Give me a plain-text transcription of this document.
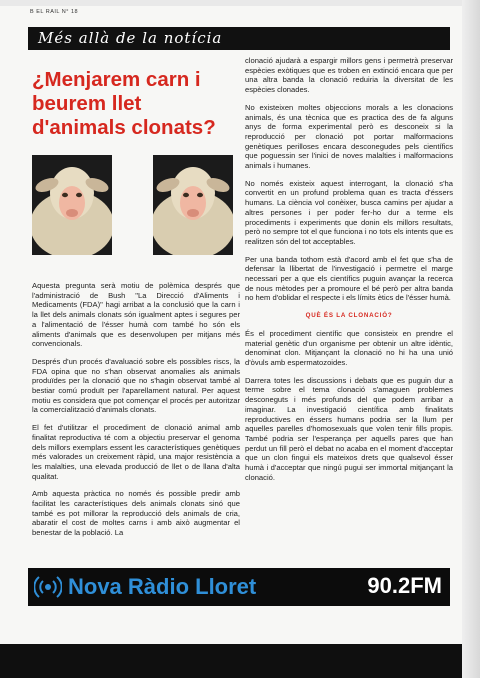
B EL RAIL N° 18
Més allà de la notícia
¿Menjarem carn i beurem llet d'animals clonats?

Aquesta pregunta serà motiu de polèmica després que l'administració de Bush "La Direcció d'Aliments i Medicaments (FDA)" hagi arribat a la conclusió que la carn i la llet dels animals clonats són igualment aptes i segures per a l'alimentació de l'ésser humà com també ho són els aliments d'animals que es desenvolupen per mitjans més convencionals.

Després d'un procés d'avaluació sobre els possibles riscs, la FDA opina que no s'han observat anomalies als animals produïdes per la clonació que no s'hagin observat també al bestiar comú produït per l'aparellament natural. Per aquest motiu es considera que pot començar el procés per autoritzar la comercialització d'animals clonats.

El fet d'utilitzar el procediment de clonació animal amb finalitat reproductiva té com a objectiu preservar el genoma dels millors exemplars essent les característiques genètiques més valorades un creixement ràpid, una major resistència a les malalties, una elevada producció de llet o de llana d'alta qualitat.

Amb aquesta pràctica no només és possible predir amb facilitat les característiques dels animals clonats sinó que també es pot millorar la reproducció dels animals de cria, abaratir el cost de moltes carns i amb això augmentar el benestar de la població. La

clonació ajudarà a espargir millors gens i permetrà preservar espècies exòtiques que es troben en extinció encara que per una altra banda la clonació reduiria la diversitat de les espècies clonades.

No existeixen moltes objeccions morals a les clonacions animals, és una tècnica que es practica des de fa alguns anys de forma experimental però es desconeix si la reproducció per clonació pot portar malformacions genètiques perilloses encara desconegudes pels científics que poguessin ser l'inici de noves malalties i malformacions animals i humanes.

No només existeix aquest interrogant, la clonació s'ha convertit en un profund problema quan es tracta d'éssers humans. La ciència vol conèixer, busca camins per ajudar a altres persones i per poder fer-ho dur a terme els procediments i experiments que donin els millors resultats, però no sempre tot el que funciona i no tots els intents que es realitzen són del tot acceptables.

Per una banda tothom està d'acord amb el fet que s'ha de defensar la llibertat de l'investigació i permetre el marge necessari per a que els científics puguin avançar la recerca de nous mètodes per a promoure el bé però per altra banda no hem d'oblidar el respecte i els límits ètics de l'ésser humà.

QUÈ ÉS LA CLONACIÓ?

És el procediment científic que consisteix en prendre el material genètic d'un organisme per obtenir un altre idèntic, denominat clon. Mitjançant la clonació no hi ha una unió d'òvuls amb espermatozoides.

Darrera totes les discussions i debats que es puguin dur a terme sobre el tema clonació s'amaguen problemes desconeguts i més profunds del que podem arribar a imaginar. La investigació científica amb finalitats reproductives en éssers humans podria ser la llum per aquelles parelles d'homosexuals que volen tenir fills propis. També podria ser l'esperança per aquells pares que han perdut un fill però el debat no acaba en el moment d'acceptar que un clon fingui els mateixos drets que qualsevol ésser humà i d'acceptar que ningú pugui ser immortal mitjançant la clonació.

Nova Ràdio Lloret	90.2FM
